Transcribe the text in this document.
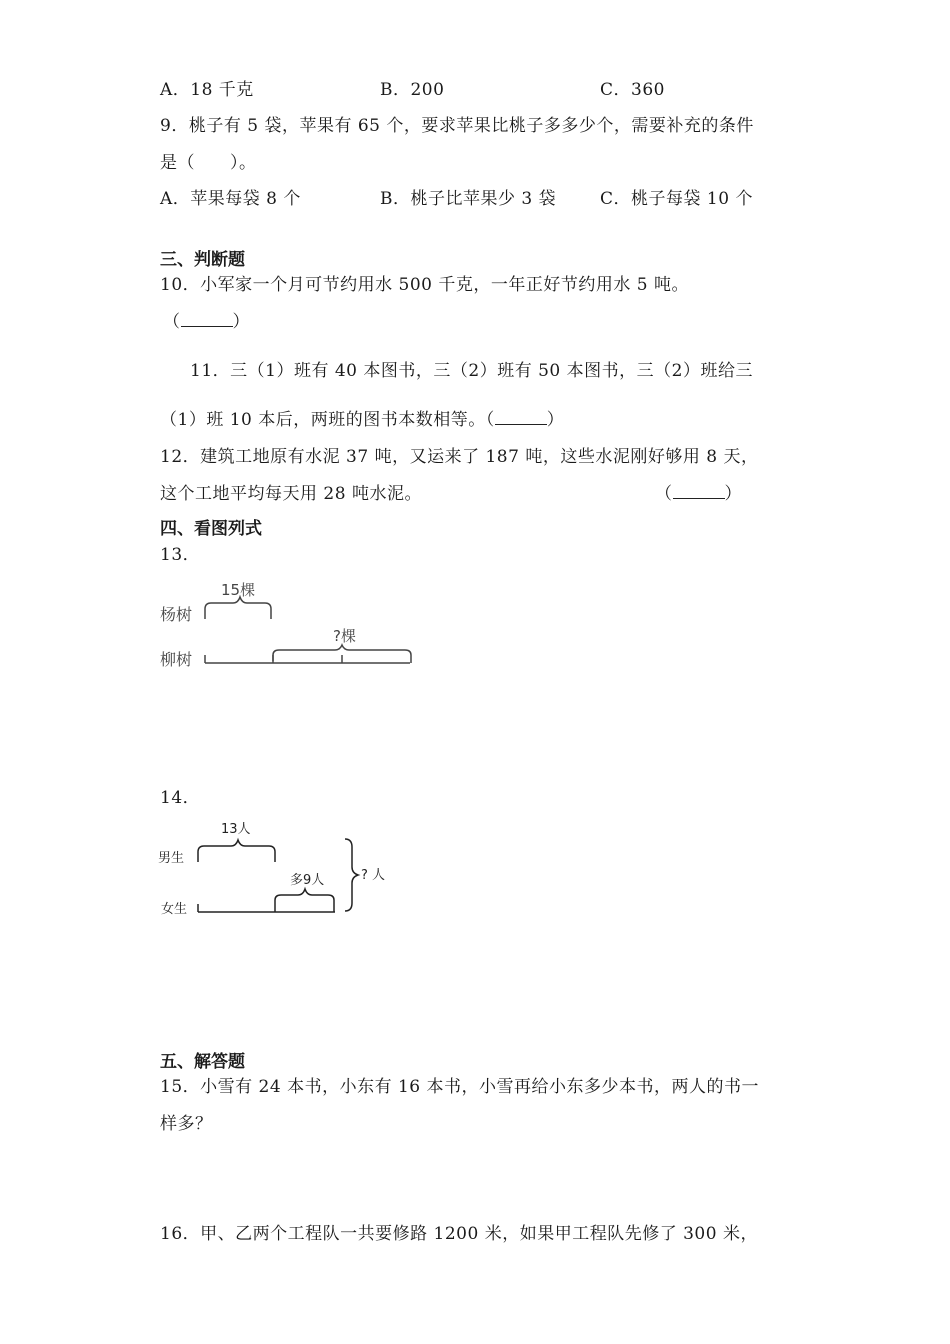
A．18 千克	B．200	C．360
9．桃子有 5 袋，苹果有 65 个，要求苹果比桃子多多少个，需要补充的条件
是（　　）。
A．苹果每袋 8 个	B．桃子比苹果少 3 袋	C．桃子每袋 10 个
三、判断题
10．小军家一个月可节约用水 500 千克，一年正好节约用水 5 吨。
（	）
11．三（1）班有 40 本图书，三（2）班有 50 本图书，三（2）班给三
（1）班 10 本后，两班的图书本数相等。（	）
12．建筑工地原有水泥 37 吨，又运来了 187 吨，这些水泥刚好够用 8 天，
这个工地平均每天用 28 吨水泥。	（	）
四、看图列式
13．
杨树
柳树
15棵
?棵
14．
男生
女生
13人
多9人	? 人
五、解答题
15．小雪有 24 本书，小东有 16 本书，小雪再给小东多少本书，两人的书一
样多？
16．甲、乙两个工程队一共要修路 1200 米，如果甲工程队先修了 300 米，
